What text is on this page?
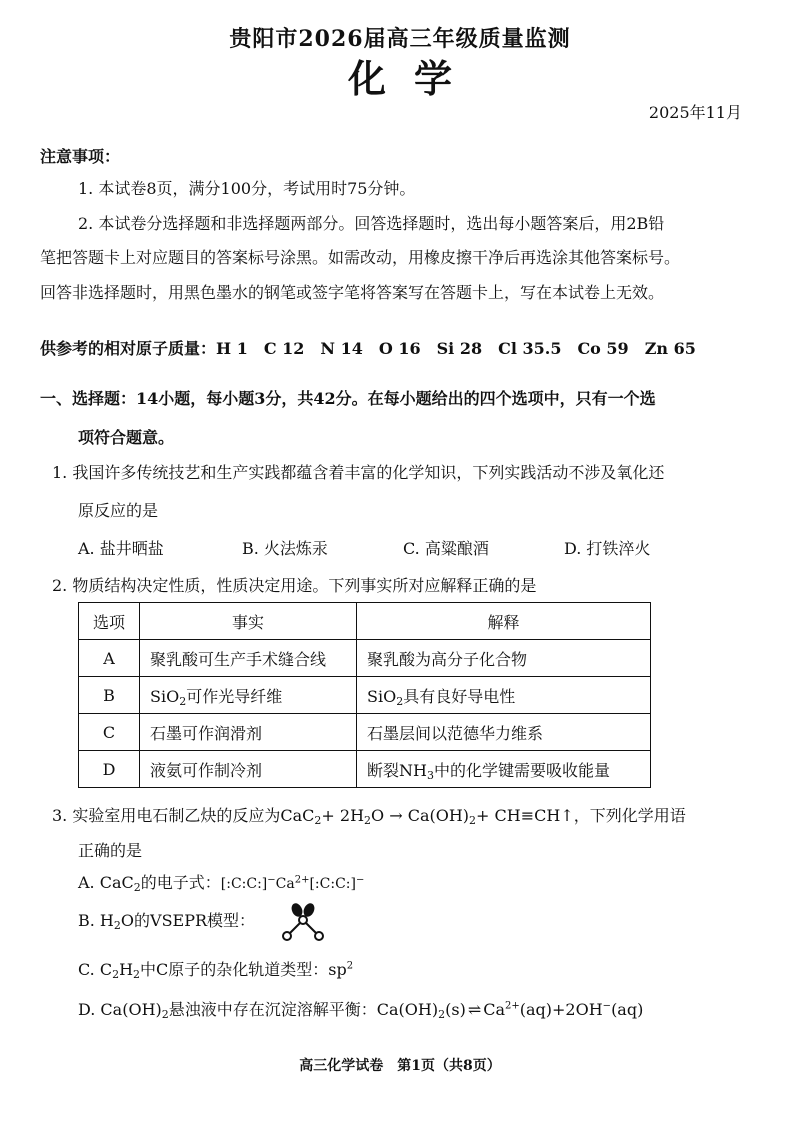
贵阳市2026届高三年级质量监测
化学
2025年11月
注意事项：
1. 本试卷8页，满分100分，考试用时75分钟。
2. 本试卷分选择题和非选择题两部分。回答选择题时，选出每小题答案后，用2B铅
笔把答题卡上对应题目的答案标号涂黑。如需改动，用橡皮擦干净后再选涂其他答案标号。
回答非选择题时，用黑色墨水的钢笔或签字笔将答案写在答题卡上，写在本试卷上无效。
供参考的相对原子质量：H 1　C 12　N 14　O 16　Si 28　Cl 35.5　Co 59　Zn 65
一、选择题：14小题，每小题3分，共42分。在每小题给出的四个选项中，只有一个选
项符合题意。
1. 我国许多传统技艺和生产实践都蕴含着丰富的化学知识，下列实践活动不涉及氧化还
原反应的是
A. 盐井晒盐	B. 火法炼汞	C. 高粱酿酒	D. 打铁淬火
2. 物质结构决定性质，性质决定用途。下列事实所对应解释正确的是
选项	事实	解释
A	聚乳酸可生产手术缝合线	聚乳酸为高分子化合物
B	SiO$_2$可作光导纤维	SiO$_2$具有良好导电性
C	石墨可作润滑剂	石墨层间以范德华力维系
D	液氨可作制冷剂	断裂$NH_3$中的化学键需要吸收能量
3. 实验室用电石制乙炔的反应为$CaC_2+ 2H_2O \to Ca(OH)_2+$ CH≡CH↑，下列化学用语
正确的是
A. CaC$_2$的电子式：$[:C:C:]^-Ca^{2+}[:C:C:]^-$
B. $H_2O$的VSEPR模型：
C. $C_2H_2$中C原子的杂化轨道类型：$sp^2$
D. $Ca(OH)_2$悬浊液中存在沉淀溶解平衡：$Ca(OH)_2(s)$ ⇌ $Ca^{2+}(aq)+2OH^-(aq)$
高三化学试卷　第1页（共8页）
